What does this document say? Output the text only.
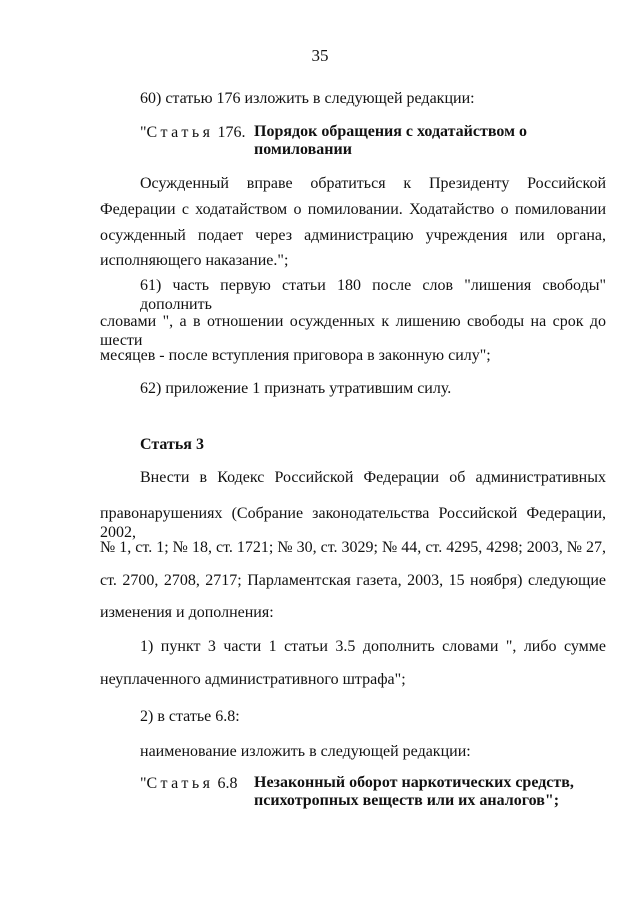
35
60) статью 176 изложить в следующей редакции:
"Статья 176. Порядок обращения с ходатайством о
помиловании
Осужденный вправе обратиться к Президенту Российской
Федерации с ходатайством о помиловании. Ходатайство о помиловании
осужденный подает через администрацию учреждения или органа,
исполняющего наказание.";
61) часть первую статьи 180 после слов "лишения свободы" дополнить
словами ", а в отношении осужденных к лишению свободы на срок до шести
месяцев - после вступления приговора в законную силу";
62) приложение 1 признать утратившим силу.
Статья 3
Внести в Кодекс Российской Федерации об административных
правонарушениях (Собрание законодательства Российской Федерации, 2002,
№ 1, ст. 1; № 18, ст. 1721; № 30, ст. 3029; № 44, ст. 4295, 4298; 2003, № 27,
ст. 2700, 2708, 2717; Парламентская газета, 2003, 15 ноября) следующие
изменения и дополнения:
1) пункт 3 части 1 статьи 3.5 дополнить словами ", либо сумме
неуплаченного административного штрафа";
2) в статье 6.8:
наименование изложить в следующей редакции:
"Статья 6.8 Незаконный оборот наркотических средств,
психотропных веществ или их аналогов";
